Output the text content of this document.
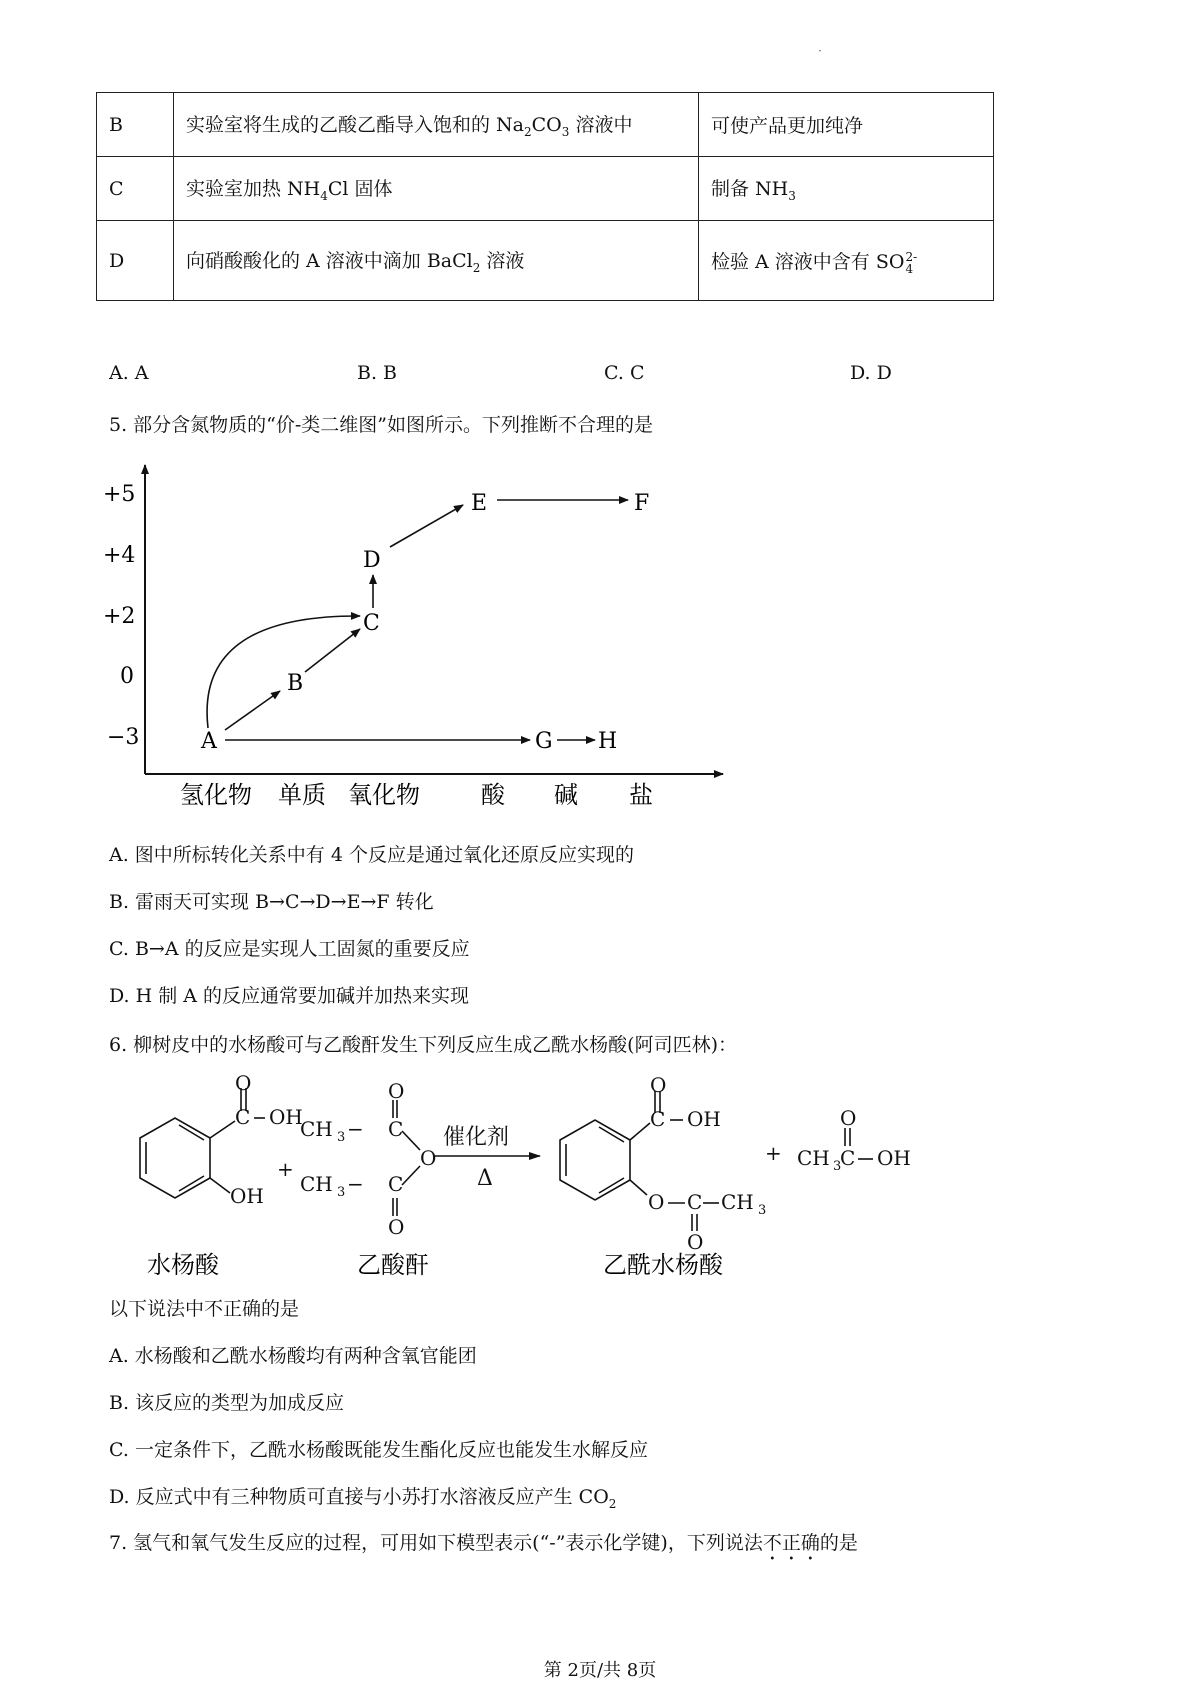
·
B	实验室将生成的乙酸乙酯导入饱和的 $Na_2CO_3$ 溶液中	可使产品更加纯净
C	实验室加热 $NH_4Cl$ 固体	制备 $NH_3$
D	向硝酸酸化的 A 溶液中滴加 BaCl$_2$ 溶液	检验 A 溶液中含有 SO 2-
4
A. A	B. B	C. C	D. D
5. 部分含氮物质的“价-类二维图”如图所示。下列推断不合理的是
+5
+4
+2
0
−3
氢化物 单质 氧化物	酸 碱 盐
A
B
C
D
E	F
G H
A. 图中所标转化关系中有 4 个反应是通过氧化还原反应实现的
B. 雷雨天可实现 B→C→D→E→F 转化
C. B→A 的反应是实现人工固氮的重要反应
D. H 制 A 的反应通常要加碱并加热来实现
6. 柳树皮中的水杨酸可与乙酸酐发生下列反应生成乙酰水杨酸(阿司匹林)：
O
C OH
OH
+
O
CH 3 − C
O
CH 3 − C
O
催化剂
Δ
O
C OH
O C CH 3
O
+
O
CH 3
C OH
水杨酸	乙酸酐	乙酰水杨酸
以下说法中不正确的是
A. 水杨酸和乙酰水杨酸均有两种含氧官能团
B. 该反应的类型为加成反应
C. 一定条件下，乙酰水杨酸既能发生酯化反应也能发生水解反应
D. 反应式中有三种物质可直接与小苏打水溶液反应产生 $CO_2$
7. 氢气和氧气发生反应的过程，可用如下模型表示(“-”表示化学键)，下列说法不正确的是
第 2页/共 8页
